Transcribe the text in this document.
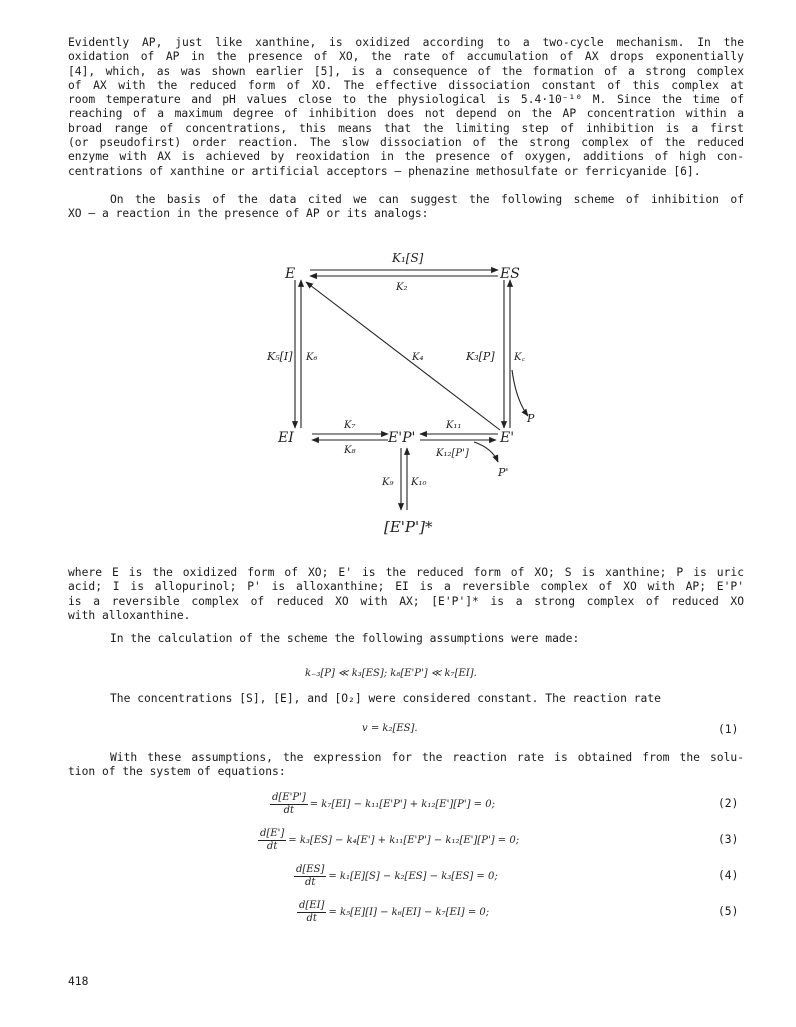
Evidently AP, just like xanthine, is oxidized according to a two-cycle mechanism. In the
oxidation of AP in the presence of XO, the rate of accumulation of AX drops exponentially
[4], which, as was shown earlier [5], is a consequence of the formation of a strong complex
of AX with the reduced form of XO. The effective dissociation constant of this complex at
room temperature and pH values close to the physiological is 5.4·10⁻¹⁰ M. Since the time of
reaching of a maximum degree of inhibition does not depend on the AP concentration within a
broad range of concentrations, this means that the limiting step of inhibition is a first
(or pseudofirst) order reaction. The slow dissociation of the strong complex of the reduced
enzyme with AX is achieved by reoxidation in the presence of oxygen, additions of high con-
centrations of xanthine or artificial acceptors — phenazine methosulfate or ferricyanide [6].
On the basis of the data cited we can suggest the following scheme of inhibition of
XO — a reaction in the presence of AP or its analogs:
E	ES
EI	E'P'	E'
[E'P']*
P
P'
K₁[S]
K₂
K₅[I] K₆	K₄	K₃[P] K꜀
K₇
K₈
K₁₁
K₁₂[P']
K₉ K₁₀
where E is the oxidized form of XO; E' is the reduced form of XO; S is xanthine; P is uric
acid; I is allopurinol; P' is alloxanthine; EI is a reversible complex of XO with AP; E'P'
is a reversible complex of reduced XO with AX; [E'P']* is a strong complex of reduced XO
with alloxanthine.
In the calculation of the scheme the following assumptions were made:
k₋₃[P] ≪ k₃[ES]; k₈[E'P'] ≪ k₇[EI].
The concentrations [S], [E], and [O₂] were considered constant. The reaction rate
v = k₂[ES].	(1)
With these assumptions, the expression for the reaction rate is obtained from the solu-
tion of the system of equations:
$\frac{d[E'P']}{dt} = k_7[EI] - k_{11}[E'P'] + k_{12}[E'][P'] = 0$;	(2)
$\frac{d[E']}{dt} = k_3[ES] - k_4[E'] + k_{11}[E'P'] - k_{12}[E'][P'] = 0$;	(3)
$\frac{d[ES]}{dt} = k_1[E][S] - k_2[ES] - k_3[ES] = 0$;	(4)
$\frac{d[EI]}{dt} = k_5[E][I] - k_6[EI] - k_7[EI] = 0$;	(5)
418
